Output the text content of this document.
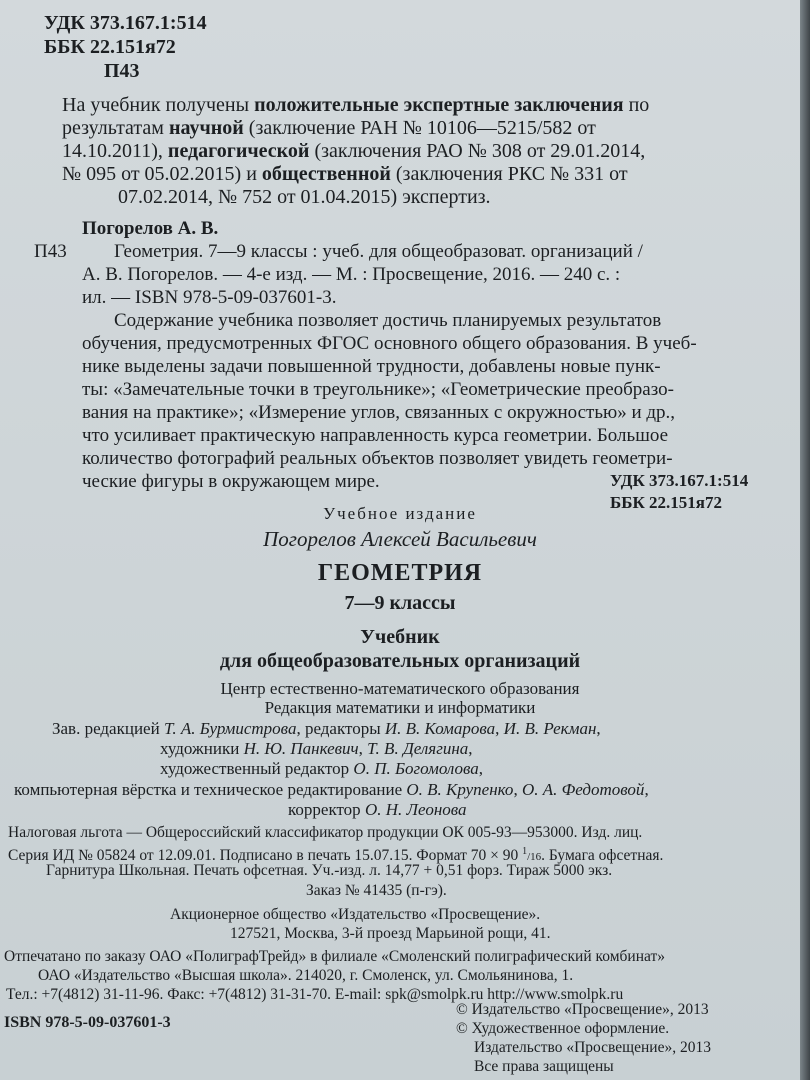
УДК 373.167.1:514
ББК 22.151я72
П43
На учебник получены положительные экспертные заключения по
результатам научной (заключение РАН № 10106—5215/582 от
14.10.2011), педагогической (заключения РАО № 308 от 29.01.2014,
№ 095 от 05.02.2015) и общественной (заключения РКС № 331 от
07.02.2014, № 752 от 01.04.2015) экспертиз.
Погорелов А. В.
П43 Геометрия. 7—9 классы : учеб. для общеобразоват. организаций /
А. В. Погорелов. — 4-е изд. — М. : Просвещение, 2016. — 240 с. :
ил. — ISBN 978-5-09-037601-3.
Содержание учебника позволяет достичь планируемых результатов
обучения, предусмотренных ФГОС основного общего образования. В учеб-
нике выделены задачи повышенной трудности, добавлены новые пунк-
ты: «Замечательные точки в треугольнике»; «Геометрические преобразо-
вания на практике»; «Измерение углов, связанных с окружностью» и др.,
что усиливает практическую направленность курса геометрии. Большое
количество фотографий реальных объектов позволяет увидеть геометри-
ческие фигуры в окружающем мире.	УДК 373.167.1:514
ББК 22.151я72
Учебное издание
Погорелов Алексей Васильевич
ГЕОМЕТРИЯ
7—9 классы
Учебник
для общеобразовательных организаций
Центр естественно-математического образования
Редакция математики и информатики
Зав. редакцией Т. А. Бурмистрова, редакторы И. В. Комарова, И. В. Рекман,
художники Н. Ю. Панкевич, Т. В. Делягина,
художественный редактор О. П. Богомолова,
компьютерная вёрстка и техническое редактирование О. В. Крупенко, О. А. Федотовой,
корректор О. Н. Леонова
Налоговая льгота — Общероссийский классификатор продукции ОК 005-93—953000. Изд. лиц.
Серия ИД № 05824 от 12.09.01. Подписано в печать 15.07.15. Формат 70 × 90 $^1$/16. Бумага офсетная.
Гарнитура Школьная. Печать офсетная. Уч.-изд. л. 14,77 + 0,51 форз. Тираж 5000 экз.
Заказ № 41435 (п-гэ).
Акционерное общество «Издательство «Просвещение».
127521, Москва, 3-й проезд Марьиной рощи, 41.
Отпечатано по заказу ОАО «ПолиграфТрейд» в филиале «Смоленский полиграфический комбинат»
ОАО «Издательство «Высшая школа». 214020, г. Смоленск, ул. Смольянинова, 1.
Тел.: +7(4812) 31-11-96. Факс: +7(4812) 31-31-70. E-mail: spk@smolpk.ru http://www.smolpk.ru
ISBN 978-5-09-037601-3
© Издательство «Просвещение», 2013
© Художественное оформление.
Издательство «Просвещение», 2013
Все права защищены
